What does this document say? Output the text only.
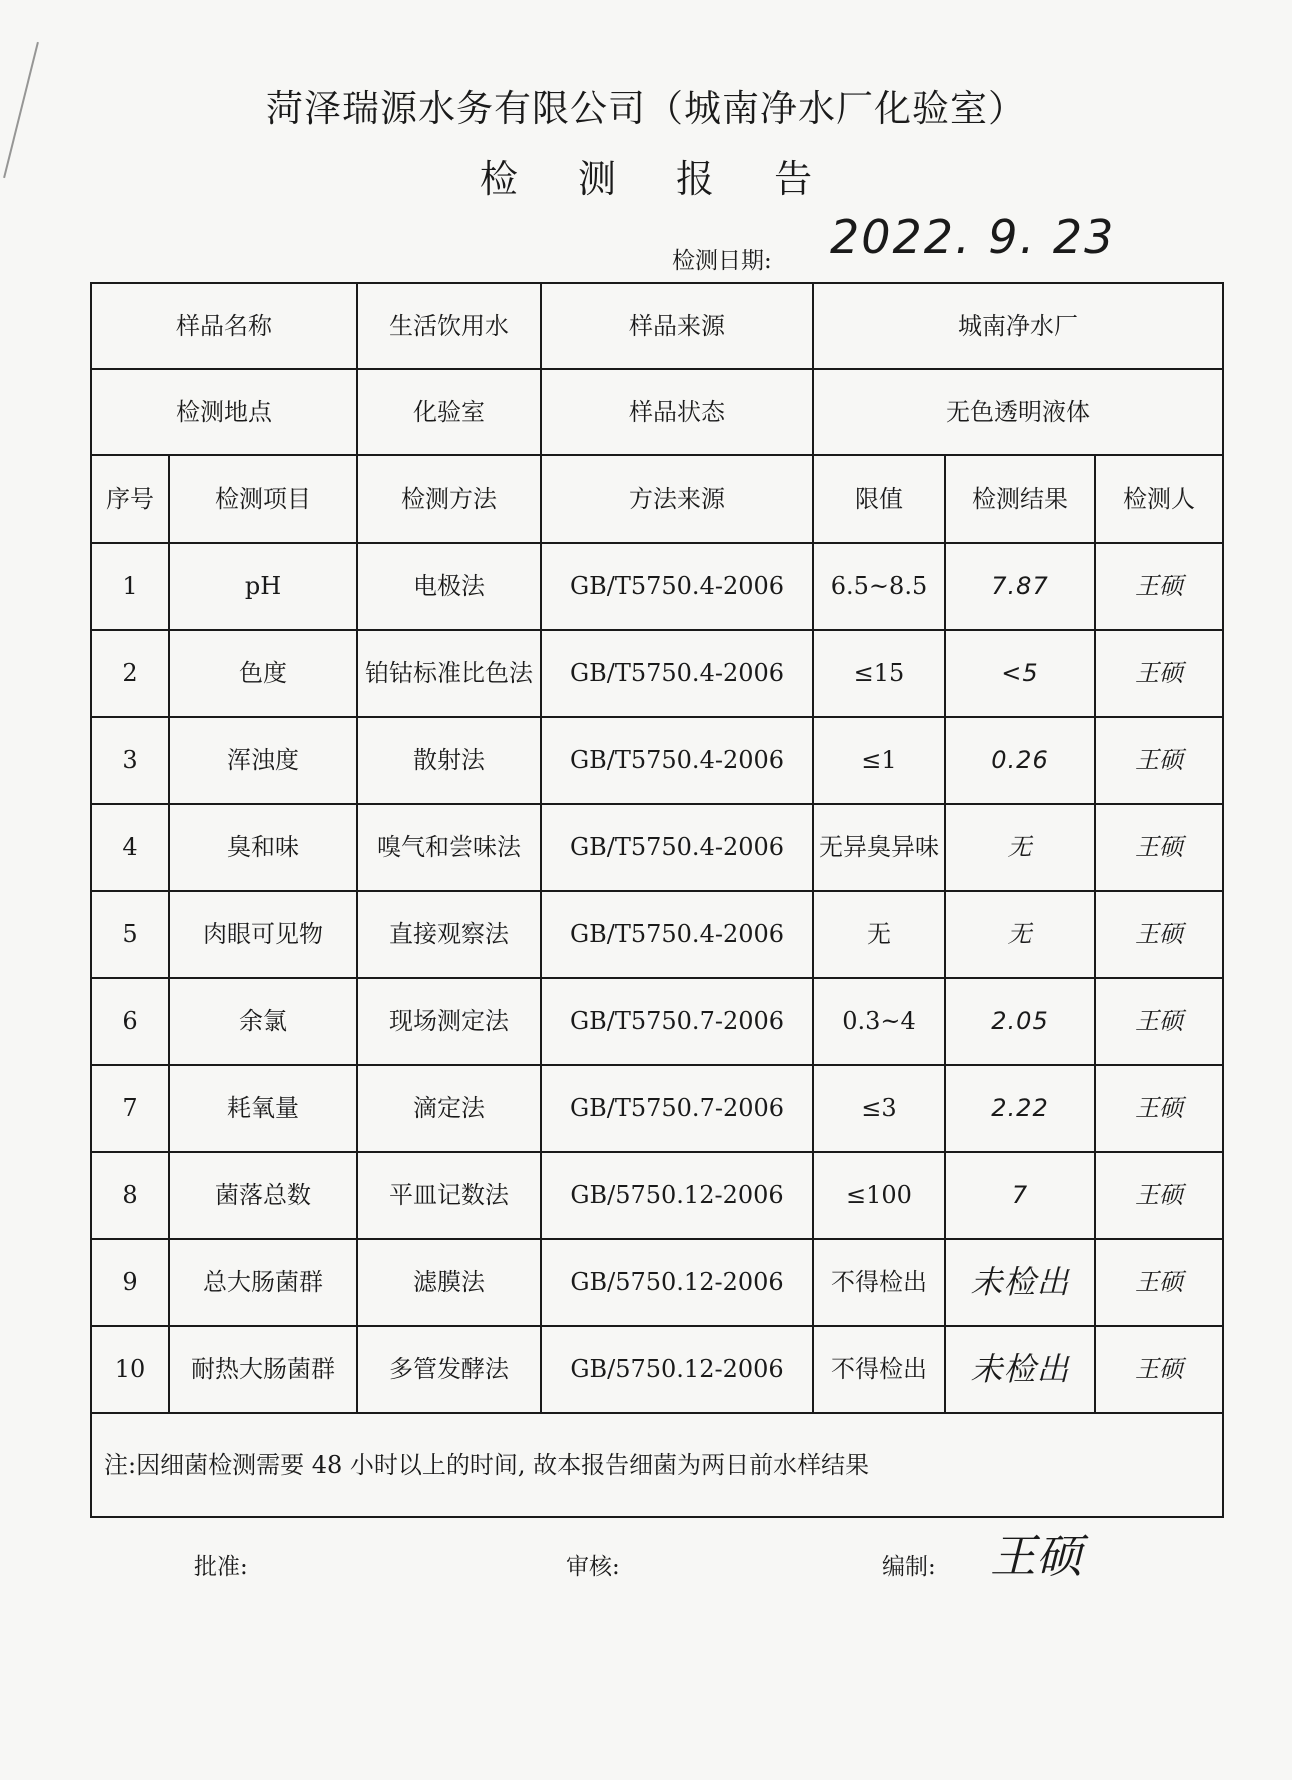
菏泽瑞源水务有限公司（城南净水厂化验室）
检 测 报 告
检测日期: 2022. 9. 23
样品名称		生活饮用水	样品来源	城南净水厂		
检测地点		化验室	样品状态	无色透明液体		
序号	检测项目	检测方法	方法来源	限值	检测结果	检测人
1	pH	电极法	GB/T5750.4-2006	6.5~8.5	7.87	王硕
2	色度	铂钴标准比色法	GB/T5750.4-2006	≤15	<5	王硕
3	浑浊度	散射法	GB/T5750.4-2006	≤1	0.26	王硕
4	臭和味	嗅气和尝味法	GB/T5750.4-2006	无异臭异味	无	王硕
5	肉眼可见物	直接观察法	GB/T5750.4-2006	无	无	王硕
6	余氯	现场测定法	GB/T5750.7-2006	0.3~4	2.05	王硕
7	耗氧量	滴定法	GB/T5750.7-2006	≤3	2.22	王硕
8	菌落总数	平皿记数法	GB/5750.12-2006	≤100	7	王硕
9	总大肠菌群	滤膜法	GB/5750.12-2006	不得检出	未检出	王硕
10	耐热大肠菌群	多管发酵法	GB/5750.12-2006	不得检出	未检出	王硕
注:因细菌检测需要 48 小时以上的时间, 故本报告细菌为两日前水样结果						
批准:	审核:	编制: 王硕
